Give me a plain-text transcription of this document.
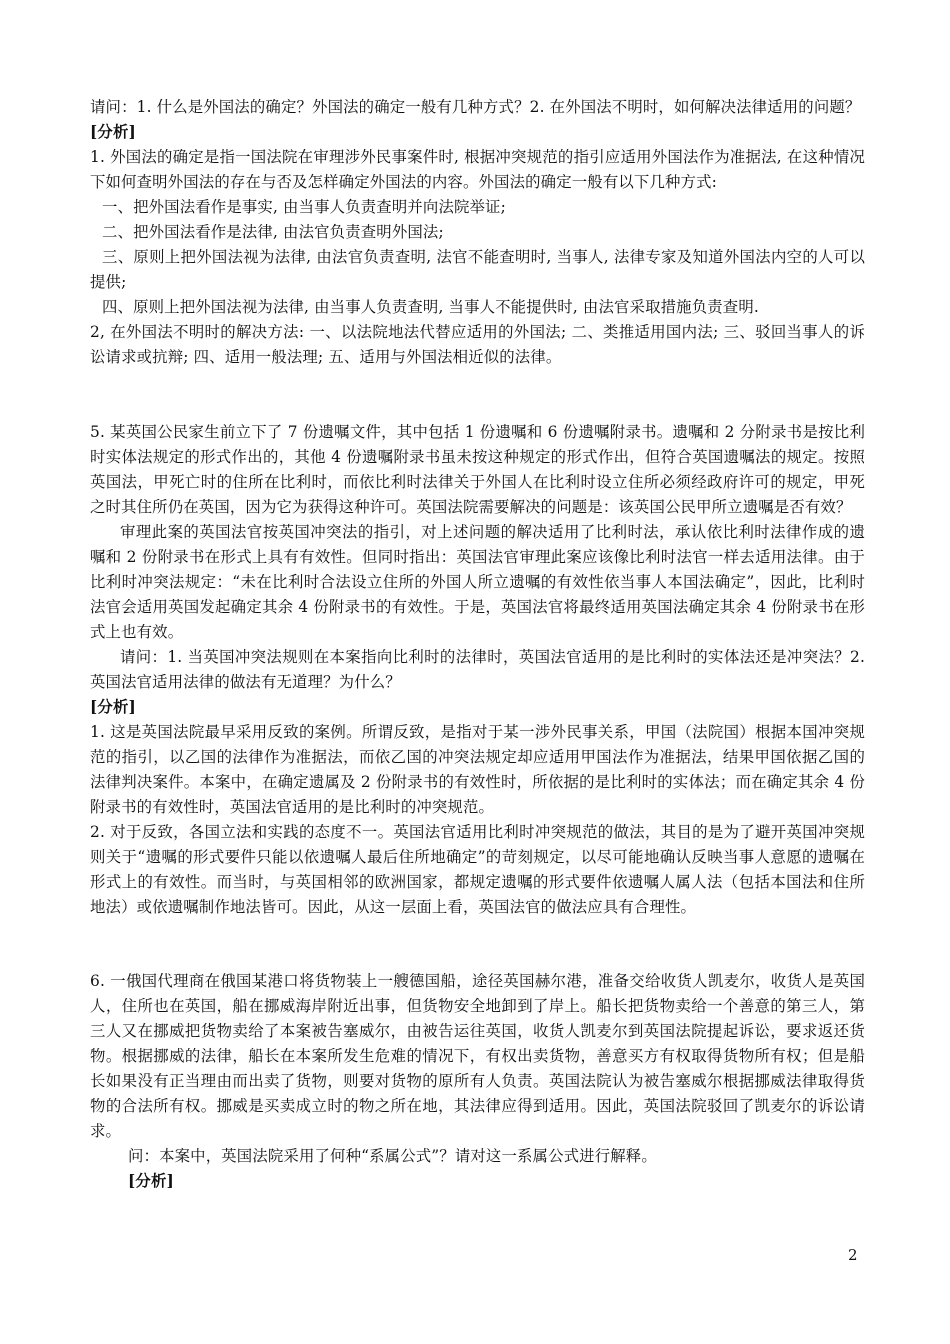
请问：1. 什么是外国法的确定？外国法的确定一般有几种方式？2. 在外国法不明时，如何解决法律适用的问题？

[分析]

1. 外国法的确定是指一国法院在审理涉外民事案件时, 根据冲突规范的指引应适用外国法作为准据法, 在这种情况下如何查明外国法的存在与否及怎样确定外国法的内容。外国法的确定一般有以下几种方式:

一、把外国法看作是事实, 由当事人负责查明并向法院举证;

二、把外国法看作是法律, 由法官负责查明外国法;

三、原则上把外国法视为法律, 由法官负责查明, 法官不能查明时, 当事人, 法律专家及知道外国法内空的人可以提供;

四、原则上把外国法视为法律, 由当事人负责查明, 当事人不能提供时, 由法官采取措施负责查明.

2, 在外国法不明时的解决方法: 一、以法院地法代替应适用的外国法; 二、类推适用国内法; 三、驳回当事人的诉讼请求或抗辩; 四、适用一般法理; 五、适用与外国法相近似的法律。

5. 某英国公民家生前立下了 7 份遗嘱文件，其中包括 1 份遗嘱和 6 份遗嘱附录书。遗嘱和 2 分附录书是按比利时实体法规定的形式作出的，其他 4 份遗嘱附录书虽未按这种规定的形式作出，但符合英国遗嘱法的规定。按照英国法，甲死亡时的住所在比利时，而依比利时法律关于外国人在比利时设立住所必须经政府许可的规定，甲死之时其住所仍在英国，因为它为获得这种许可。英国法院需要解决的问题是：该英国公民甲所立遗嘱是否有效？

审理此案的英国法官按英国冲突法的指引，对上述问题的解决适用了比利时法，承认依比利时法律作成的遗嘱和 2 份附录书在形式上具有有效性。但同时指出：英国法官审理此案应该像比利时法官一样去适用法律。由于比利时冲突法规定：“未在比利时合法设立住所的外国人所立遗嘱的有效性依当事人本国法确定”，因此，比利时法官会适用英国发起确定其余 4 份附录书的有效性。于是，英国法官将最终适用英国法确定其余 4 份附录书在形式上也有效。

请问：1. 当英国冲突法规则在本案指向比利时的法律时，英国法官适用的是比利时的实体法还是冲突法？2. 英国法官适用法律的做法有无道理？为什么？

[分析]

1. 这是英国法院最早采用反致的案例。所谓反致，是指对于某一涉外民事关系，甲国（法院国）根据本国冲突规范的指引，以乙国的法律作为准据法，而依乙国的冲突法规定却应适用甲国法作为准据法，结果甲国依据乙国的法律判决案件。本案中，在确定遗属及 2 份附录书的有效性时，所依据的是比利时的实体法；而在确定其余 4 份附录书的有效性时，英国法官适用的是比利时的冲突规范。

2. 对于反致，各国立法和实践的态度不一。英国法官适用比利时冲突规范的做法，其目的是为了避开英国冲突规则关于“遗嘱的形式要件只能以依遗嘱人最后住所地确定”的苛刻规定，以尽可能地确认反映当事人意愿的遗嘱在形式上的有效性。而当时，与英国相邻的欧洲国家，都规定遗嘱的形式要件依遗嘱人属人法（包括本国法和住所地法）或依遗嘱制作地法皆可。因此，从这一层面上看，英国法官的做法应具有合理性。

6. 一俄国代理商在俄国某港口将货物装上一艘德国船，途径英国赫尔港，准备交给收货人凯麦尔，收货人是英国人，住所也在英国，船在挪威海岸附近出事，但货物安全地卸到了岸上。船长把货物卖给一个善意的第三人，第三人又在挪威把货物卖给了本案被告塞威尔，由被告运往英国，收货人凯麦尔到英国法院提起诉讼，要求返还货物。根据挪威的法律，船长在本案所发生危难的情况下，有权出卖货物，善意买方有权取得货物所有权；但是船长如果没有正当理由而出卖了货物，则要对货物的原所有人负责。英国法院认为被告塞威尔根据挪威法律取得货物的合法所有权。挪威是买卖成立时的物之所在地，其法律应得到适用。因此，英国法院驳回了凯麦尔的诉讼请求。

问：本案中，英国法院采用了何种“系属公式”？请对这一系属公式进行解释。

[分析]

2
